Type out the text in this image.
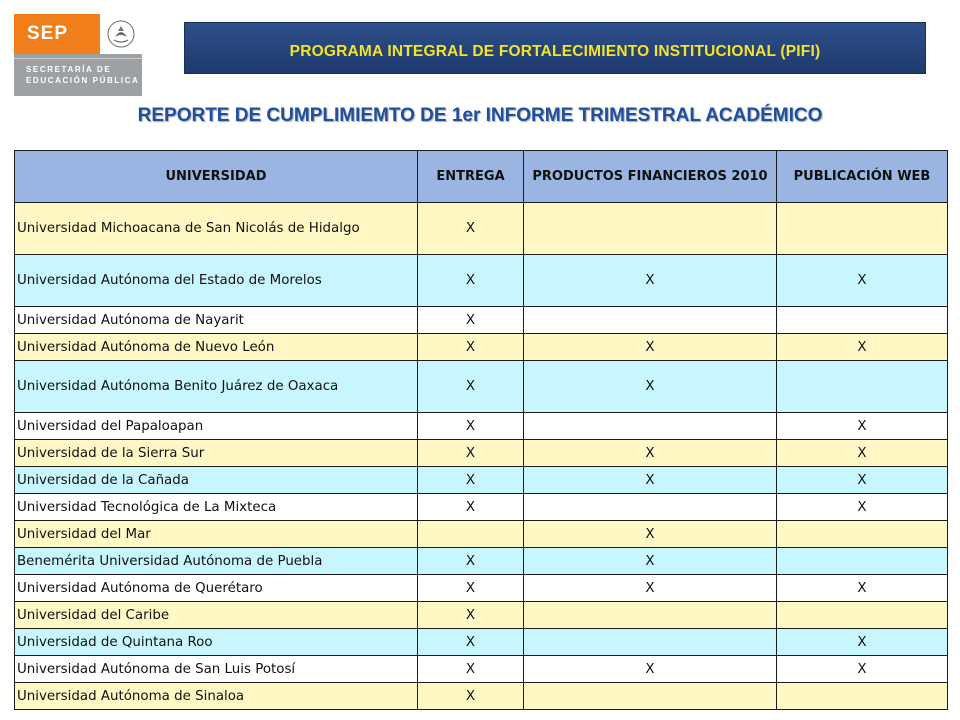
SEP
SECRETARÍA DE
EDUCACIÓN PÚBLICA
PROGRAMA INTEGRAL DE FORTALECIMIENTO INSTITUCIONAL (PIFI)
REPORTE DE CUMPLIMIEMTO DE 1er INFORME TRIMESTRAL ACADÉMICO
UNIVERSIDAD	ENTREGA	PRODUCTOS FINANCIEROS 2010	PUBLICACIÓN WEB
Universidad Michoacana de San Nicolás de Hidalgo	X		
Universidad Autónoma del Estado de Morelos	X	X	X
Universidad Autónoma de Nayarit	X		
Universidad Autónoma de Nuevo León	X	X	X
Universidad Autónoma Benito Juárez de Oaxaca	X	X	
Universidad del Papaloapan	X		X
Universidad de la Sierra Sur	X	X	X
Universidad de la Cañada	X	X	X
Universidad Tecnológica de La Mixteca	X		X
Universidad del Mar		X	
Benemérita Universidad Autónoma de Puebla	X	X	
Universidad Autónoma de Querétaro	X	X	X
Universidad del Caribe	X		
Universidad de Quintana Roo	X		X
Universidad Autónoma de San Luis Potosí	X	X	X
Universidad Autónoma de Sinaloa	X		
